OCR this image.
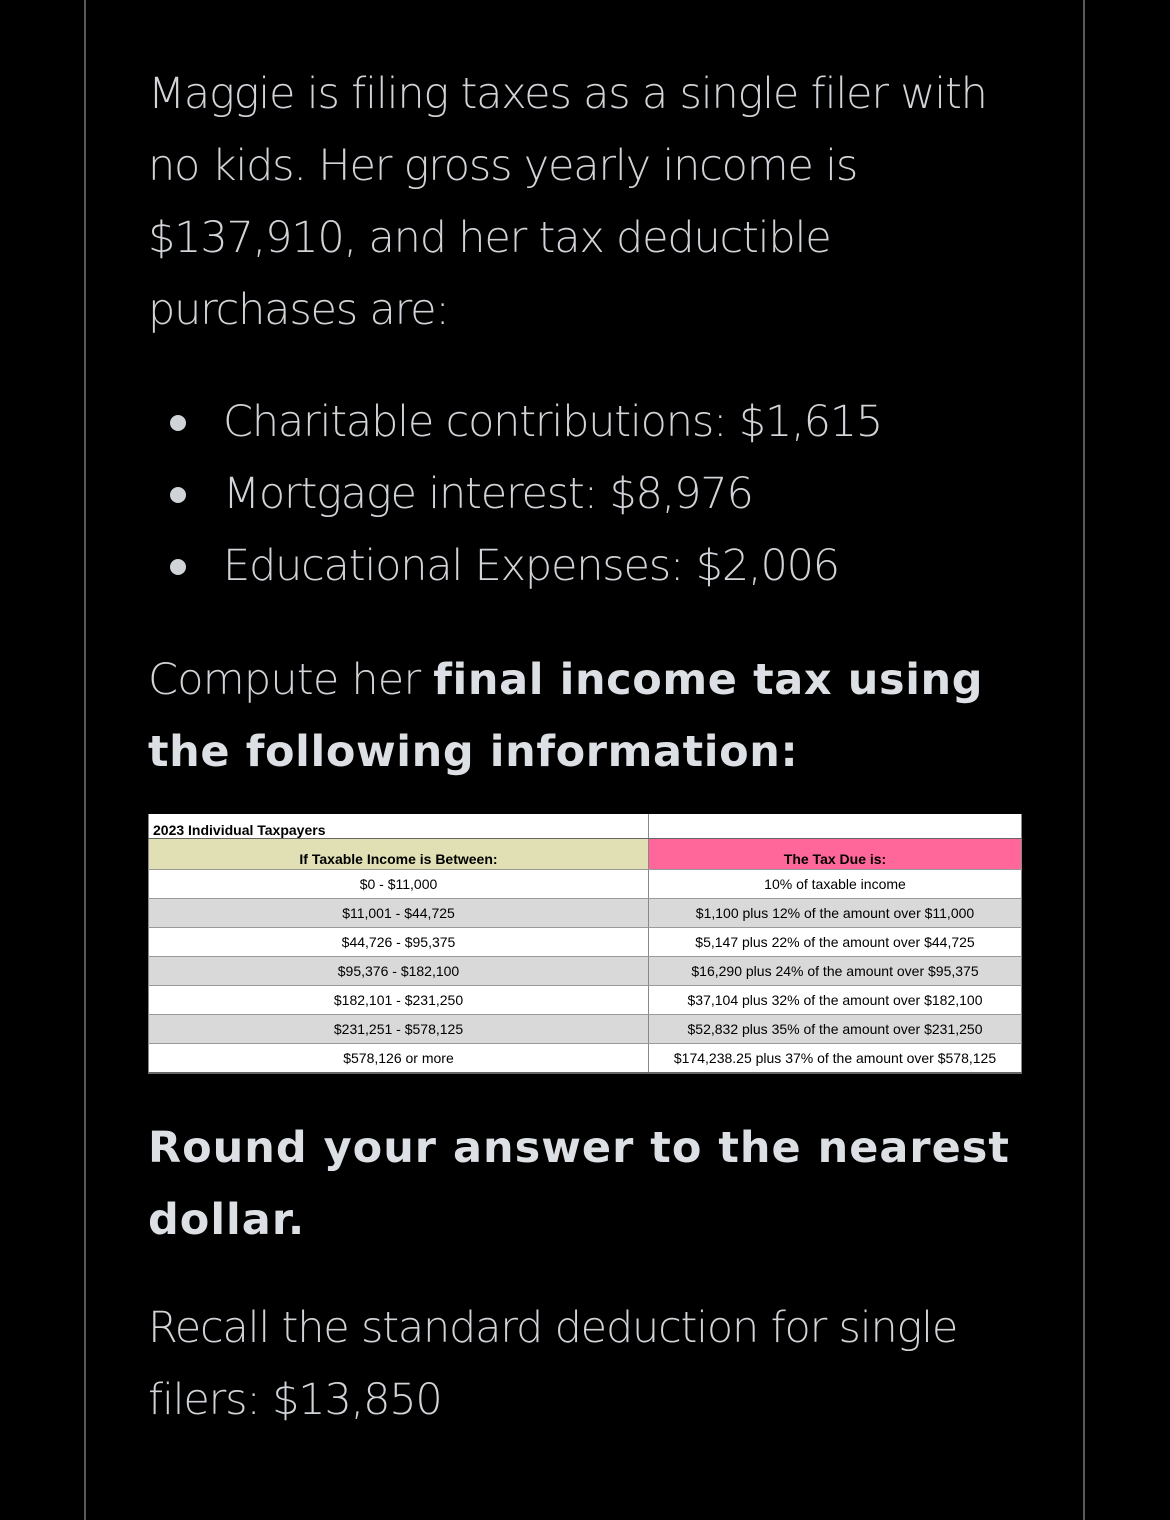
Maggie is filing taxes as a single filer with no kids. Her gross yearly income is $137,910, and her tax deductible purchases are:

Charitable contributions: $1,615
Mortgage interest: $8,976
Educational Expenses: $2,006

Compute her final income tax using the following information:

2023 Individual Taxpayers	
If Taxable Income is Between:	The Tax Due is:
$0 - $11,000	10% of taxable income
$11,001 - $44,725	$1,100 plus 12% of the amount over $11,000
$44,726 - $95,375	$5,147 plus 22% of the amount over $44,725
$95,376 - $182,100	$16,290 plus 24% of the amount over $95,375
$182,101 - $231,250	$37,104 plus 32% of the amount over $182,100
$231,251 - $578,125	$52,832 plus 35% of the amount over $231,250
$578,126 or more	$174,238.25 plus 37% of the amount over $578,125

Round your answer to the nearest dollar.

Recall the standard deduction for single filers: $13,850
